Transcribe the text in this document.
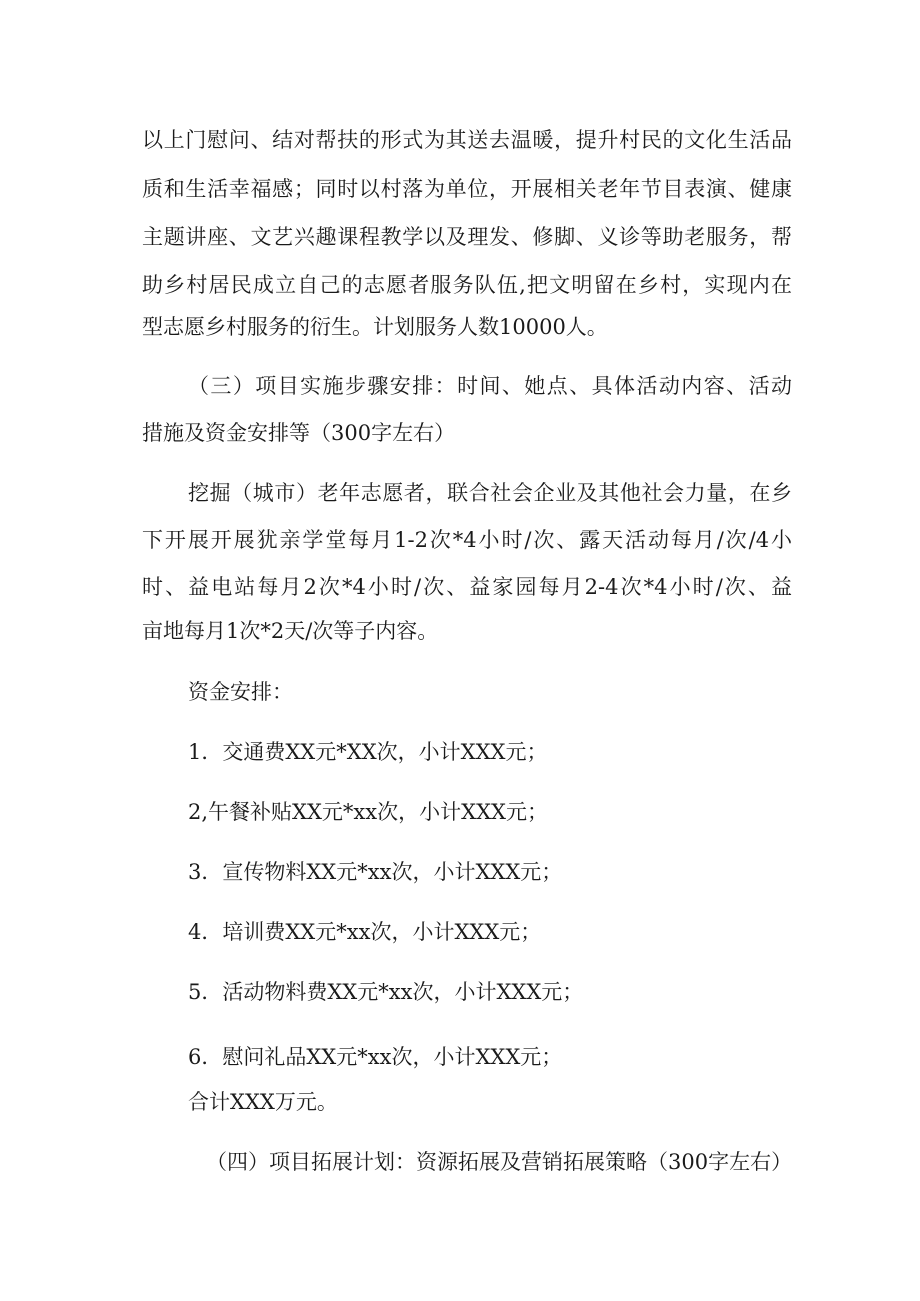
以上门慰问、结对帮扶的形式为其送去温暖，提升村民的文化生活品
质和生活幸福感；同时以村落为单位，开展相关老年节目表演、健康
主题讲座、文艺兴趣课程教学以及理发、修脚、义诊等助老服务，帮
助乡村居民成立自己的志愿者服务队伍,把文明留在乡村，实现内在
型志愿乡村服务的衍生。计划服务人数10000人。
（三）项目实施步骤安排：时间、她点、具体活动内容、活动
措施及资金安排等（300字左右）
挖掘（城市）老年志愿者，联合社会企业及其他社会力量，在乡
下开展开展犹亲学堂每月1-2次*4小时/次、露天活动每月/次/4小
时、益电站每月2次*4小时/次、益家园每月2-4次*4小时/次、益
亩地每月1次*2天/次等子内容。
资金安排：
1．交通费XX元*XX次，小计XXX元；
2,午餐补贴XX元*xx次，小计XXX元；
3．宣传物料XX元*xx次，小计XXX元；
4．培训费XX元*xx次，小计XXX元；
5．活动物料费XX元*xx次，小计XXX元；
6．慰问礼品XX元*xx次，小计XXX元；
合计XXX万元。
（四）项目拓展计划：资源拓展及营销拓展策略（300字左右）
